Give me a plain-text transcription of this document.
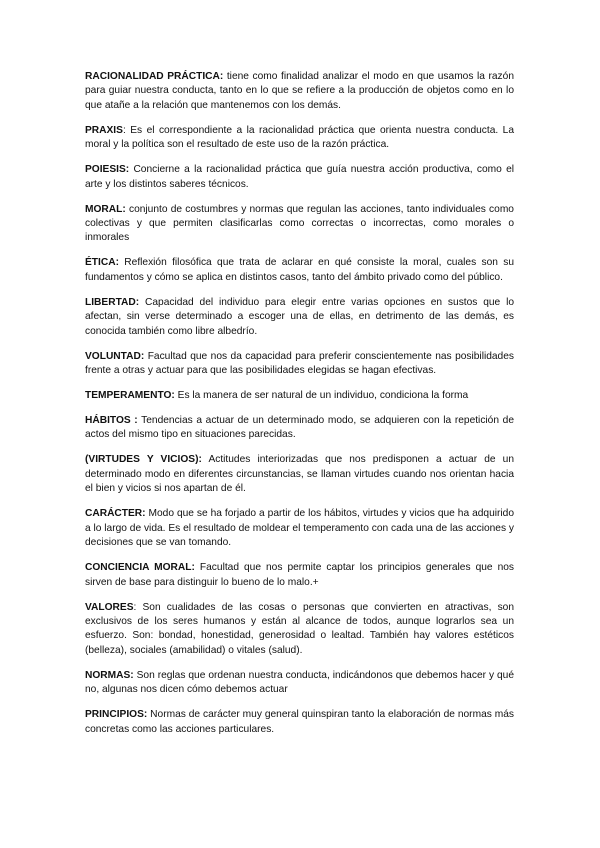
RACIONALIDAD PRÁCTICA: tiene como finalidad analizar el modo en que usamos la razón para guiar nuestra conducta, tanto en lo que se refiere a la producción de objetos como en lo que atañe a la relación que mantenemos con los demás.

PRAXIS: Es el correspondiente a la racionalidad práctica que orienta nuestra conducta. La moral y la política son el resultado de este uso de la razón práctica.

POIESIS: Concierne a la racionalidad práctica que guía nuestra acción productiva, como el arte y los distintos saberes técnicos.

MORAL: conjunto de costumbres y normas que regulan las acciones, tanto individuales como colectivas y que permiten clasificarlas como correctas o incorrectas, como morales o inmorales

ÉTICA: Reflexión filosófica que trata de aclarar en qué consiste la moral, cuales son su fundamentos y cómo se aplica en distintos casos, tanto del ámbito privado como del público.

LIBERTAD: Capacidad del individuo para elegir entre varias opciones en sustos que lo afectan, sin verse determinado a escoger una de ellas, en detrimento de las demás, es conocida también como libre albedrío.

VOLUNTAD: Facultad que nos da capacidad para preferir conscientemente nas posibilidades frente a otras y actuar para que las posibilidades elegidas se hagan efectivas.

TEMPERAMENTO: Es la manera de ser natural de un individuo, condiciona la forma

HÁBITOS : Tendencias a actuar de un determinado modo, se adquieren con la repetición de actos del mismo tipo en situaciones parecidas.

(VIRTUDES Y VICIOS): Actitudes interiorizadas que nos predisponen a actuar de un determinado modo en diferentes circunstancias, se llaman virtudes cuando nos orientan hacia el bien y vicios si nos apartan de él.

CARÁCTER: Modo que se ha forjado a partir de los hábitos, virtudes y vicios que ha adquirido a lo largo de vida. Es el resultado de moldear el temperamento con cada una de las acciones y decisiones que se van tomando.

CONCIENCIA MORAL: Facultad que nos permite captar los principios generales que nos sirven de base para distinguir lo bueno de lo malo.+

VALORES: Son cualidades de las cosas o personas que convierten en atractivas, son exclusivos de los seres humanos y están al alcance de todos, aunque lograrlos sea un esfuerzo. Son: bondad, honestidad, generosidad o lealtad. También hay valores estéticos (belleza), sociales (amabilidad) o vitales (salud).

NORMAS: Son reglas que ordenan nuestra conducta, indicándonos que debemos hacer y qué no, algunas nos dicen cómo debemos actuar

PRINCIPIOS: Normas de carácter muy general quinspiran tanto la elaboración de normas más concretas como las acciones particulares.
